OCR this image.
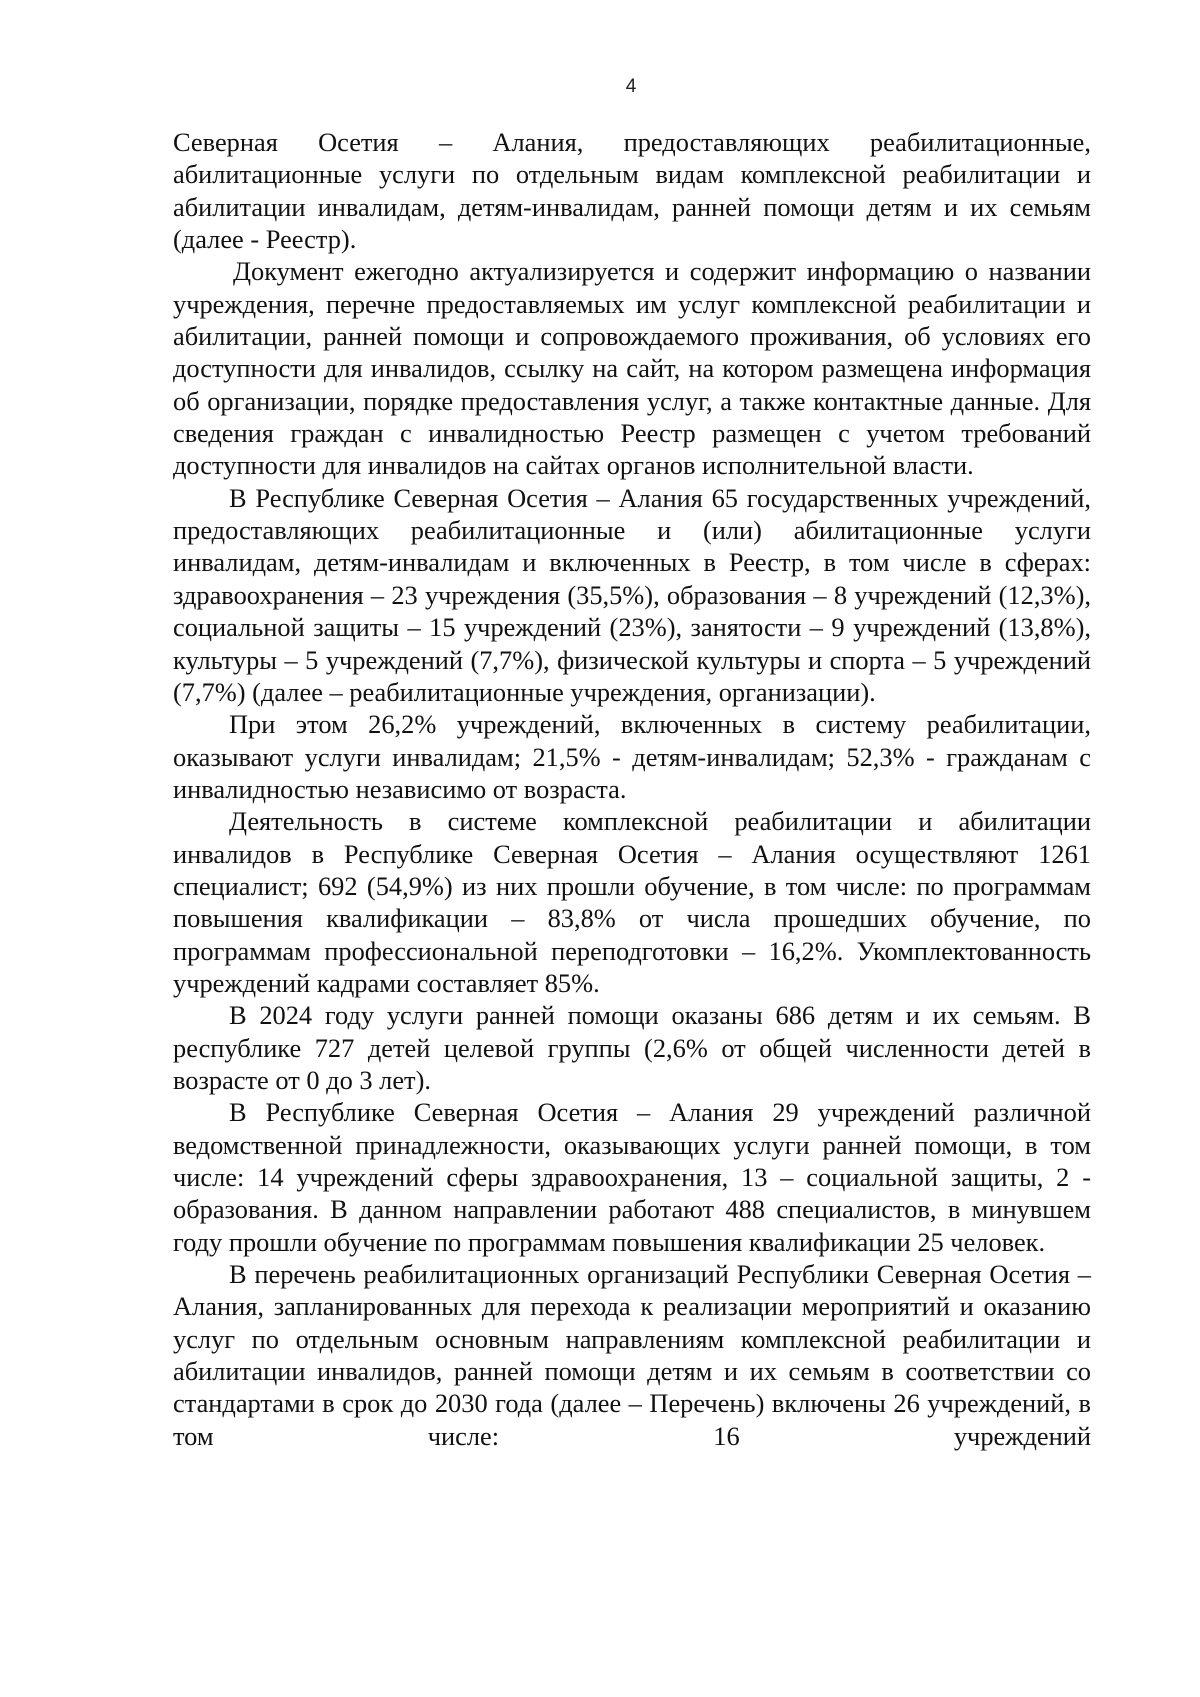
4

Северная Осетия – Алания, предоставляющих реабилитационные, абилитационные услуги по отдельным видам комплексной реабилитации и абилитации инвалидам, детям-инвалидам, ранней помощи детям и их семьям (далее - Реестр).

Документ ежегодно актуализируется и содержит информацию о названии учреждения, перечне предоставляемых им услуг комплексной реабилитации и абилитации, ранней помощи и сопровождаемого проживания, об условиях его доступности для инвалидов, ссылку на сайт, на котором размещена информация об организации, порядке предоставления услуг, а также контактные данные. Для сведения граждан с инвалидностью Реестр размещен с учетом требований доступности для инвалидов на сайтах органов исполнительной власти.

В Республике Северная Осетия – Алания 65 государственных учреждений, предоставляющих реабилитационные и (или) абилитационные услуги инвалидам, детям-инвалидам и включенных в Реестр, в том числе в сферах: здравоохранения – 23 учреждения (35,5%), образования – 8 учреждений (12,3%), социальной защиты – 15 учреждений (23%), занятости – 9 учреждений (13,8%), культуры – 5 учреждений (7,7%), физической культуры и спорта – 5 учреждений (7,7%) (далее – реабилитационные учреждения, организации).

При этом 26,2% учреждений, включенных в систему реабилитации, оказывают услуги инвалидам; 21,5% - детям-инвалидам; 52,3% - гражданам с инвалидностью независимо от возраста.

Деятельность в системе комплексной реабилитации и абилитации инвалидов в Республике Северная Осетия – Алания осуществляют 1261 специалист; 692 (54,9%) из них прошли обучение, в том числе: по программам повышения квалификации – 83,8% от числа прошедших обучение, по программам профессиональной переподготовки – 16,2%. Укомплектованность учреждений кадрами составляет 85%.

В 2024 году услуги ранней помощи оказаны 686 детям и их семьям. В республике 727 детей целевой группы (2,6% от общей численности детей в возрасте от 0 до 3 лет).

В Республике Северная Осетия – Алания 29 учреждений различной ведомственной принадлежности, оказывающих услуги ранней помощи, в том числе: 14 учреждений сферы здравоохранения, 13 – социальной защиты, 2 - образования. В данном направлении работают 488 специалистов, в минувшем году прошли обучение по программам повышения квалификации 25 человек.

В перечень реабилитационных организаций Республики Северная Осетия – Алания, запланированных для перехода к реализации мероприятий и оказанию услуг по отдельным основным направлениям комплексной реабилитации и абилитации инвалидов, ранней помощи детям и их семьям в соответствии со стандартами в срок до 2030 года (далее – Перечень) включены 26 учреждений, в том числе: 16 учреждений
